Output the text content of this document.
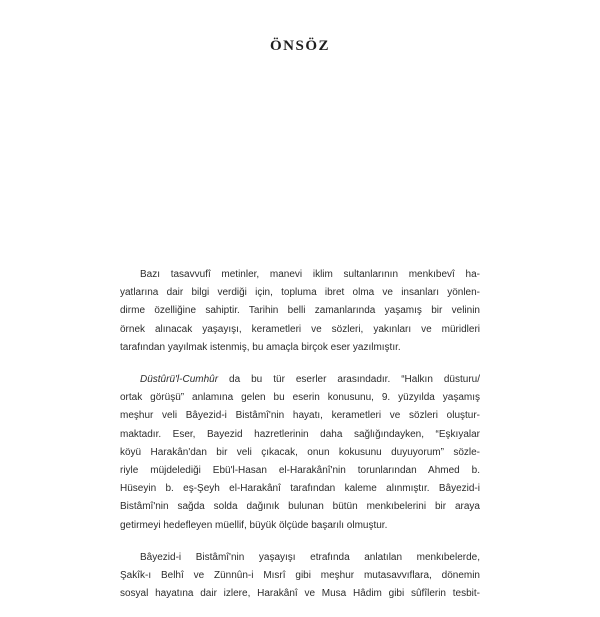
ÖNSÖZ
Bazı tasavvufî metinler, manevi iklim sultanlarının menkıbevî ha-
yatlarına dair bilgi verdiği için, topluma ibret olma ve insanları yönlen-
dirme özelliğine sahiptir. Tarihin belli zamanlarında yaşamış bir velinin
örnek alınacak yaşayışı, kerametleri ve sözleri, yakınları ve müridleri
tarafından yayılmak istenmiş, bu amaçla birçok eser yazılmıştır.
Düstûrü'l-Cumhûr da bu tür eserler arasındadır. “Halkın düsturu/
ortak görüşü” anlamına gelen bu eserin konusunu, 9. yüzyılda yaşamış
meşhur veli Bâyezid-i Bistâmî'nin hayatı, kerametleri ve sözleri oluştur-
maktadır. Eser, Bayezid hazretlerinin daha sağlığındayken, “Eşkıyalar
köyü Harakân'dan bir veli çıkacak, onun kokusunu duyuyorum” sözle-
riyle müjdelediği Ebü'l-Hasan el-Harakânî'nin torunlarından Ahmed b.
Hüseyin b. eş-Şeyh el-Harakânî tarafından kaleme alınmıştır. Bâyezid-i
Bistâmî'nin sağda solda dağınık bulunan bütün menkıbelerini bir araya
getirmeyi hedefleyen müellif, büyük ölçüde başarılı olmuştur.
Bâyezid-i Bistâmî'nin yaşayışı etrafında anlatılan menkıbelerde,
Şakîk-ı Belhî ve Zünnûn-i Mısrî gibi meşhur mutasavvıflara, dönemin
sosyal hayatına dair izlere, Harakânî ve Musa Hâdim gibi sûfîlerin tesbit-
